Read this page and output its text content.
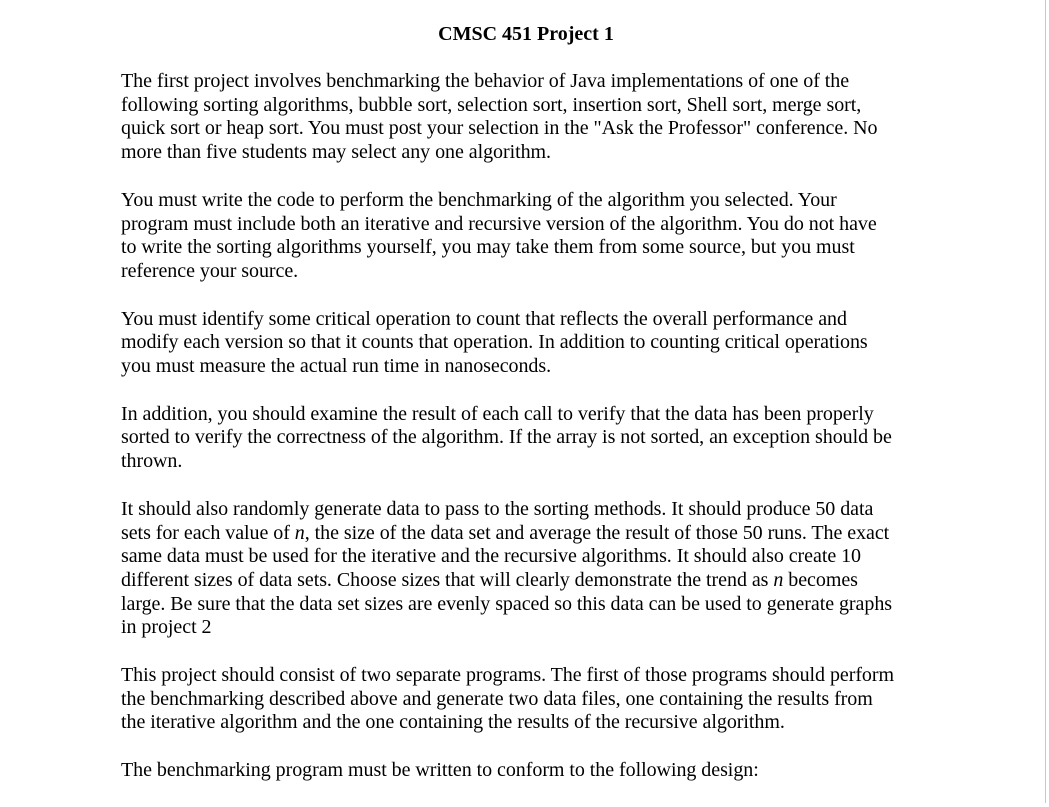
CMSC 451 Project 1
The first project involves benchmarking the behavior of Java implementations of one of the
following sorting algorithms, bubble sort, selection sort, insertion sort, Shell sort, merge sort,
quick sort or heap sort. You must post your selection in the "Ask the Professor" conference. No
more than five students may select any one algorithm.
You must write the code to perform the benchmarking of the algorithm you selected. Your
program must include both an iterative and recursive version of the algorithm. You do not have
to write the sorting algorithms yourself, you may take them from some source, but you must
reference your source.
You must identify some critical operation to count that reflects the overall performance and
modify each version so that it counts that operation. In addition to counting critical operations
you must measure the actual run time in nanoseconds.
In addition, you should examine the result of each call to verify that the data has been properly
sorted to verify the correctness of the algorithm. If the array is not sorted, an exception should be
thrown.
It should also randomly generate data to pass to the sorting methods. It should produce 50 data
sets for each value of n, the size of the data set and average the result of those 50 runs. The exact
same data must be used for the iterative and the recursive algorithms. It should also create 10
different sizes of data sets. Choose sizes that will clearly demonstrate the trend as n becomes
large. Be sure that the data set sizes are evenly spaced so this data can be used to generate graphs
in project 2
This project should consist of two separate programs. The first of those programs should perform
the benchmarking described above and generate two data files, one containing the results from
the iterative algorithm and the one containing the results of the recursive algorithm.
The benchmarking program must be written to conform to the following design:
